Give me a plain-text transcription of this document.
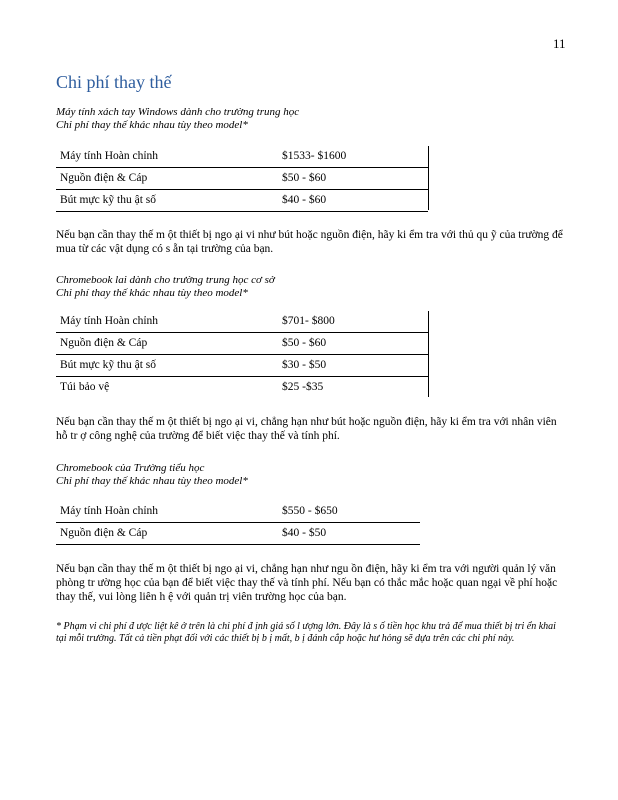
11
Chi phí thay thế
Máy tính xách tay Windows dành cho trường trung học
Chi phí thay thế khác nhau tùy theo model*
Máy tính Hoàn chỉnh	$1533- $1600
Nguồn điện & Cáp	$50 - $60
Bút mực kỹ thu ật số	$40 - $60
Nếu bạn cần thay thế m ột thiết bị ngo ại vi như bút hoặc nguồn điện, hãy ki ểm tra với thủ qu ỹ của trường để mua từ các vật dụng có s ẵn tại trường của bạn.
Chromebook lai dành cho trường trung học cơ sở
Chi phí thay thế khác nhau tùy theo model*
Máy tính Hoàn chỉnh	$701- $800
Nguồn điện & Cáp	$50 - $60
Bút mực kỹ thu ật số	$30 - $50
Túi bảo vệ	$25 -$35
Nếu bạn cần thay thế m ột thiết bị ngo ại vi, chẳng hạn như bút hoặc nguồn điện, hãy ki ểm tra với nhân viên hỗ tr ợ công nghệ của trường để biết việc thay thế và tính phí.
Chromebook của Trường tiểu học
Chi phí thay thế khác nhau tùy theo model*
Máy tính Hoàn chỉnh	$550 - $650
Nguồn điện & Cáp	$40 - $50
Nếu bạn cần thay thế m ột thiết bị ngo ại vi, chẳng hạn như ngu ồn điện, hãy ki ểm tra với người quản lý văn phòng tr ường học của bạn để biết việc thay thế và tính phí. Nếu bạn có thắc mắc hoặc quan ngại về phí hoặc thay thế, vui lòng liên h ệ với quản trị viên trường học của bạn.
* Phạm vi chi phí đ ược liệt kê ở trên là chi phí đ ịnh giá số l ượng lớn. Đây là s ố tiền học khu trả để mua thiết bị tri ển khai tại mỗi trường. Tất cả tiền phạt đối với các thiết bị b ị mất, b ị đánh cắp hoặc hư hỏng sẽ dựa trên các chi phí này.
